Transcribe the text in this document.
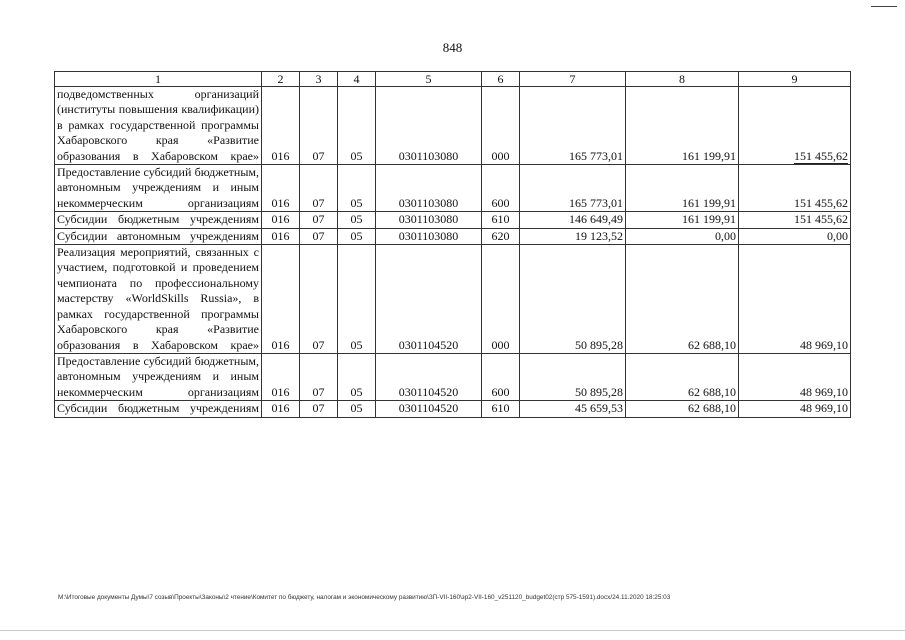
848
1	2	3	4	5	6	7	8	9
подведомственных организаций (институты повышения квалификации) в рамках государственной программы Хабаровского края «Развитие образования в Хабаровском крае»	016	07	05	0301103080	000	165 773,01	161 199,91	151 455,62
Предоставление субсидий бюджетным, автономным учреждениям и иным некоммерческим организациям	016	07	05	0301103080	600	165 773,01	161 199,91	151 455,62
Субсидии бюджетным учреждениям	016	07	05	0301103080	610	146 649,49	161 199,91	151 455,62
Субсидии автономным учреждениям	016	07	05	0301103080	620	19 123,52	0,00	0,00
Реализация мероприятий, связанных с участием, подготовкой и проведением чемпионата по профессиональному мастерству «WorldSkills Russia», в рамках государственной программы Хабаровского края «Развитие образования в Хабаровском крае»	016	07	05	0301104520	000	50 895,28	62 688,10	48 969,10
Предоставление субсидий бюджетным, автономным учреждениям и иным некоммерческим организациям	016	07	05	0301104520	600	50 895,28	62 688,10	48 969,10
Субсидии бюджетным учреждениям	016	07	05	0301104520	610	45 659,53	62 688,10	48 969,10
M:\Итоговые документы Думы\7 созыв\Проекты\Законы\2 чтение\Комитет по бюджету, налогам и экономическому развитию\ЗП-VII-160\зр2-VII-160_v251120_budget02(стр 575-1591).docx/24.11.2020 18:25:03
